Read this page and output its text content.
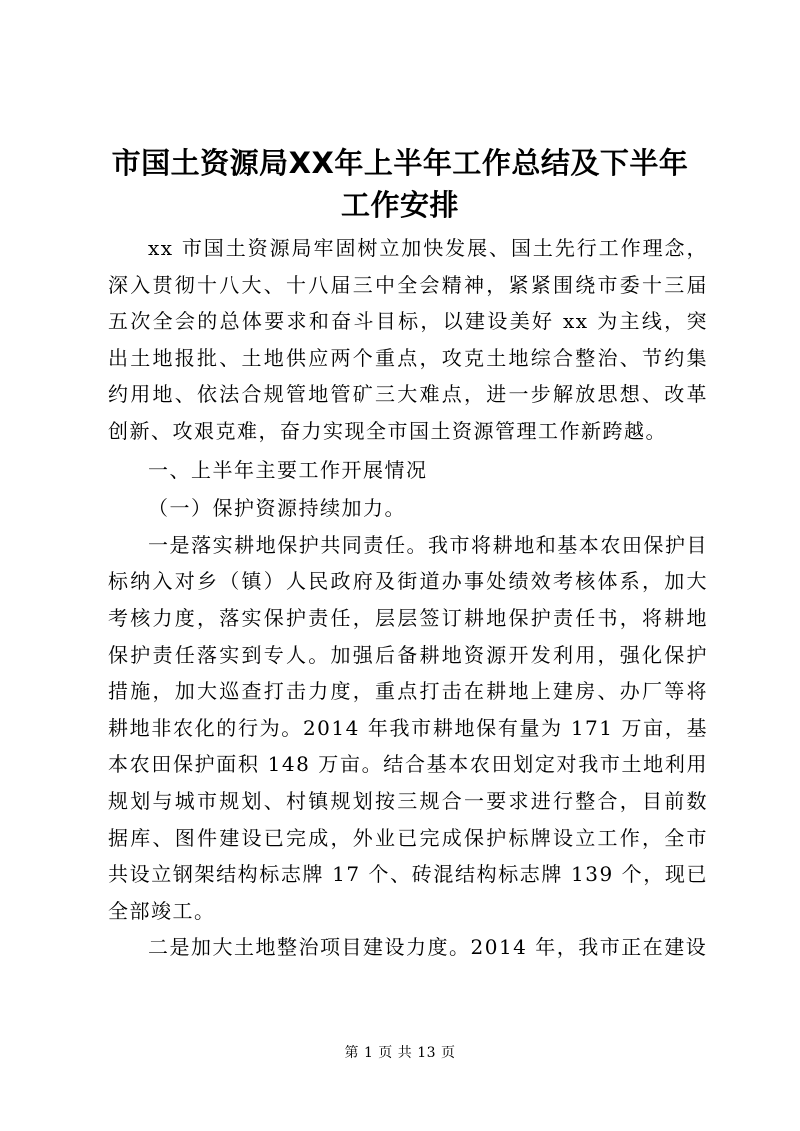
市国土资源局XX年上半年工作总结及下半年
工作安排

xx 市国土资源局牢固树立加快发展、国土先行工作理念，深入贯彻十八大、十八届三中全会精神，紧紧围绕市委十三届五次全会的总体要求和奋斗目标，以建设美好 xx 为主线，突出土地报批、土地供应两个重点，攻克土地综合整治、节约集约用地、依法合规管地管矿三大难点，进一步解放思想、改革创新、攻艰克难，奋力实现全市国土资源管理工作新跨越。

一、上半年主要工作开展情况

（一）保护资源持续加力。

一是落实耕地保护共同责任。我市将耕地和基本农田保护目标纳入对乡（镇）人民政府及街道办事处绩效考核体系，加大考核力度，落实保护责任，层层签订耕地保护责任书，将耕地保护责任落实到专人。加强后备耕地资源开发利用，强化保护措施，加大巡查打击力度，重点打击在耕地上建房、办厂等将耕地非农化的行为。2014 年我市耕地保有量为 171 万亩，基本农田保护面积 148 万亩。结合基本农田划定对我市土地利用规划与城市规划、村镇规划按三规合一要求进行整合，目前数据库、图件建设已完成，外业已完成保护标牌设立工作，全市共设立钢架结构标志牌 17 个、砖混结构标志牌 139 个，现已全部竣工。

二是加大土地整治项目建设力度。2014 年，我市正在建设

第 1 页 共 13 页
